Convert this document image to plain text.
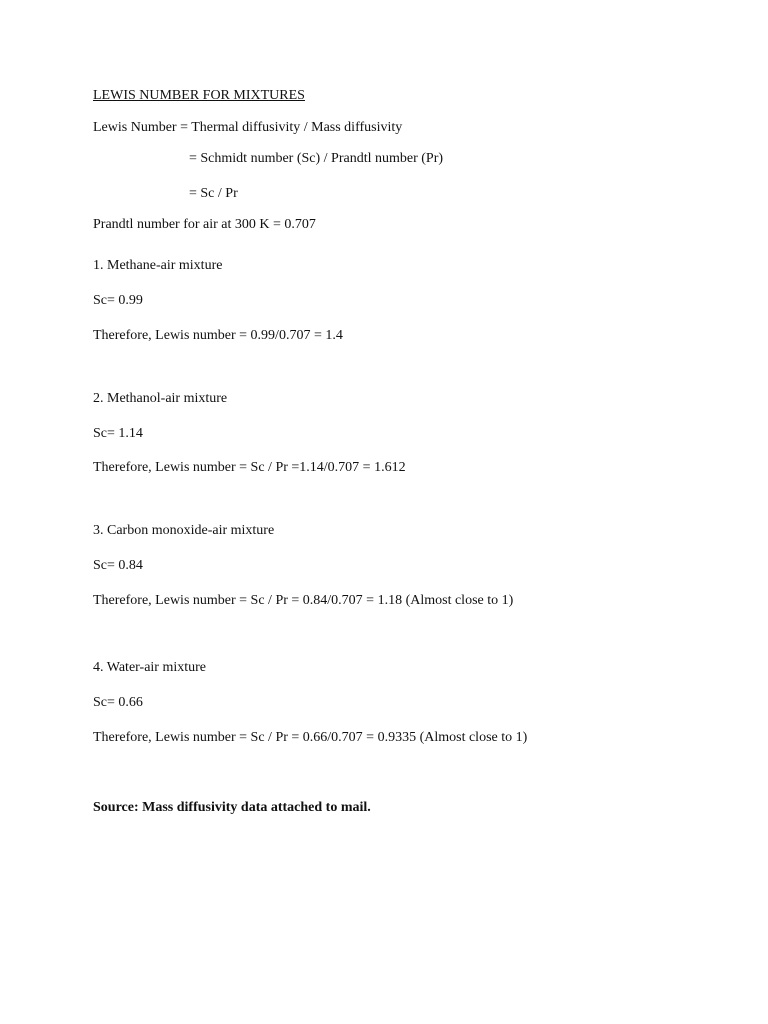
LEWIS NUMBER FOR MIXTURES
Lewis Number = Thermal diffusivity / Mass diffusivity
= Schmidt number (Sc) / Prandtl number (Pr)
= Sc / Pr
Prandtl number for air at 300 K = 0.707
1. Methane-air mixture
Sc= 0.99
Therefore, Lewis number = 0.99/0.707 = 1.4
2. Methanol-air mixture
Sc= 1.14
Therefore, Lewis number = Sc / Pr =1.14/0.707 = 1.612
3. Carbon monoxide-air mixture
Sc= 0.84
Therefore, Lewis number = Sc / Pr = 0.84/0.707 = 1.18 (Almost close to 1)
4. Water-air mixture
Sc= 0.66
Therefore, Lewis number = Sc / Pr = 0.66/0.707 = 0.9335 (Almost close to 1)
Source: Mass diffusivity data attached to mail.
